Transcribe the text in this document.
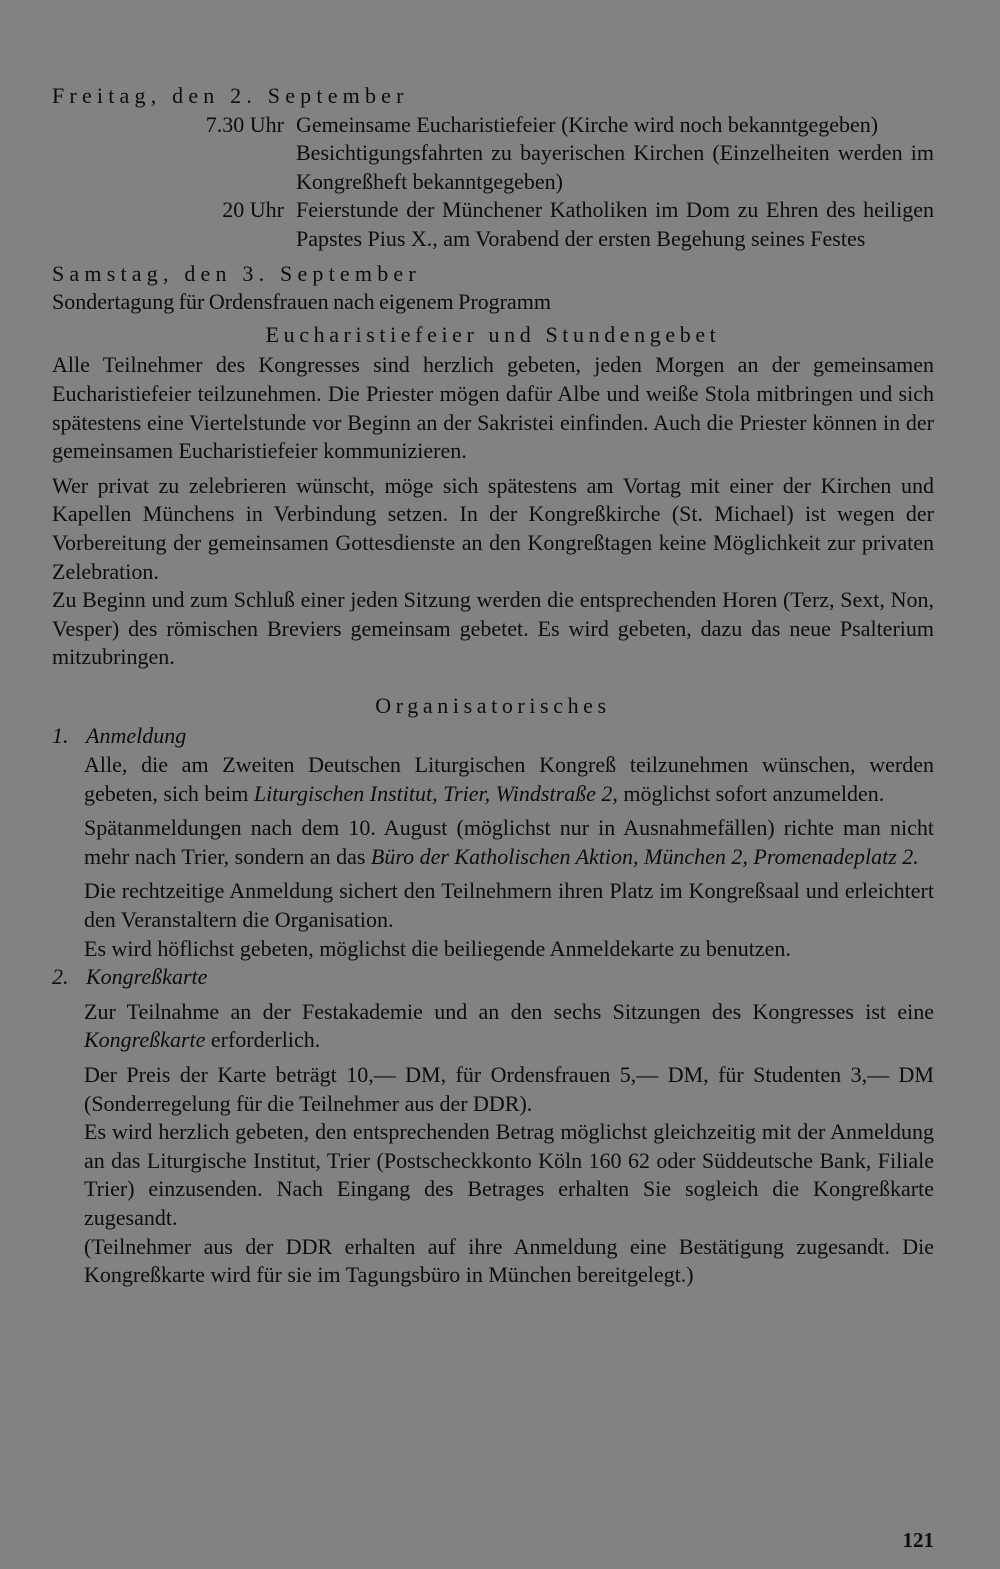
Freitag, den 2. September

7.30 Uhr Gemeinsame Eucharistiefeier (Kirche wird noch bekanntgegeben)

Besichtigungsfahrten zu bayerischen Kirchen (Einzelheiten werden im Kongreßheft bekanntgegeben)

20 Uhr Feierstunde der Münchener Katholiken im Dom zu Ehren des heiligen Papstes Pius X., am Vorabend der ersten Begehung seines Festes

Samstag, den 3. September

Sondertagung für Ordensfrauen nach eigenem Programm

Eucharistiefeier und Stundengebet

Alle Teilnehmer des Kongresses sind herzlich gebeten, jeden Morgen an der gemeinsamen Eucharistiefeier teilzunehmen. Die Priester mögen dafür Albe und weiße Stola mitbringen und sich spätestens eine Viertelstunde vor Beginn an der Sakristei einfinden. Auch die Priester können in der gemeinsamen Eucharistiefeier kommunizieren.

Wer privat zu zelebrieren wünscht, möge sich spätestens am Vortag mit einer der Kirchen und Kapellen Münchens in Verbindung setzen. In der Kongreßkirche (St. Michael) ist wegen der Vorbereitung der gemeinsamen Gottesdienste an den Kongreßtagen keine Möglichkeit zur privaten Zelebration.

Zu Beginn und zum Schluß einer jeden Sitzung werden die entsprechenden Horen (Terz, Sext, Non, Vesper) des römischen Breviers gemeinsam gebetet. Es wird gebeten, dazu das neue Psalterium mitzubringen.

Organisatorisches

1. Anmeldung

Alle, die am Zweiten Deutschen Liturgischen Kongreß teilzunehmen wünschen, werden gebeten, sich beim Liturgischen Institut, Trier, Windstraße 2, möglichst sofort anzumelden.

Spätanmeldungen nach dem 10. August (möglichst nur in Ausnahmefällen) richte man nicht mehr nach Trier, sondern an das Büro der Katholischen Aktion, München 2, Promenadeplatz 2.

Die rechtzeitige Anmeldung sichert den Teilnehmern ihren Platz im Kongreßsaal und erleichtert den Veranstaltern die Organisation.

Es wird höflichst gebeten, möglichst die beiliegende Anmeldekarte zu benutzen.

2. Kongreßkarte

Zur Teilnahme an der Festakademie und an den sechs Sitzungen des Kongresses ist eine Kongreßkarte erforderlich.

Der Preis der Karte beträgt 10,— DM, für Ordensfrauen 5,— DM, für Studenten 3,— DM (Sonderregelung für die Teilnehmer aus der DDR).

Es wird herzlich gebeten, den entsprechenden Betrag möglichst gleichzeitig mit der Anmeldung an das Liturgische Institut, Trier (Postscheckkonto Köln 160 62 oder Süddeutsche Bank, Filiale Trier) einzusenden. Nach Eingang des Betrages erhalten Sie sogleich die Kongreßkarte zugesandt.

(Teilnehmer aus der DDR erhalten auf ihre Anmeldung eine Bestätigung zugesandt. Die Kongreßkarte wird für sie im Tagungsbüro in München bereitgelegt.)

121
